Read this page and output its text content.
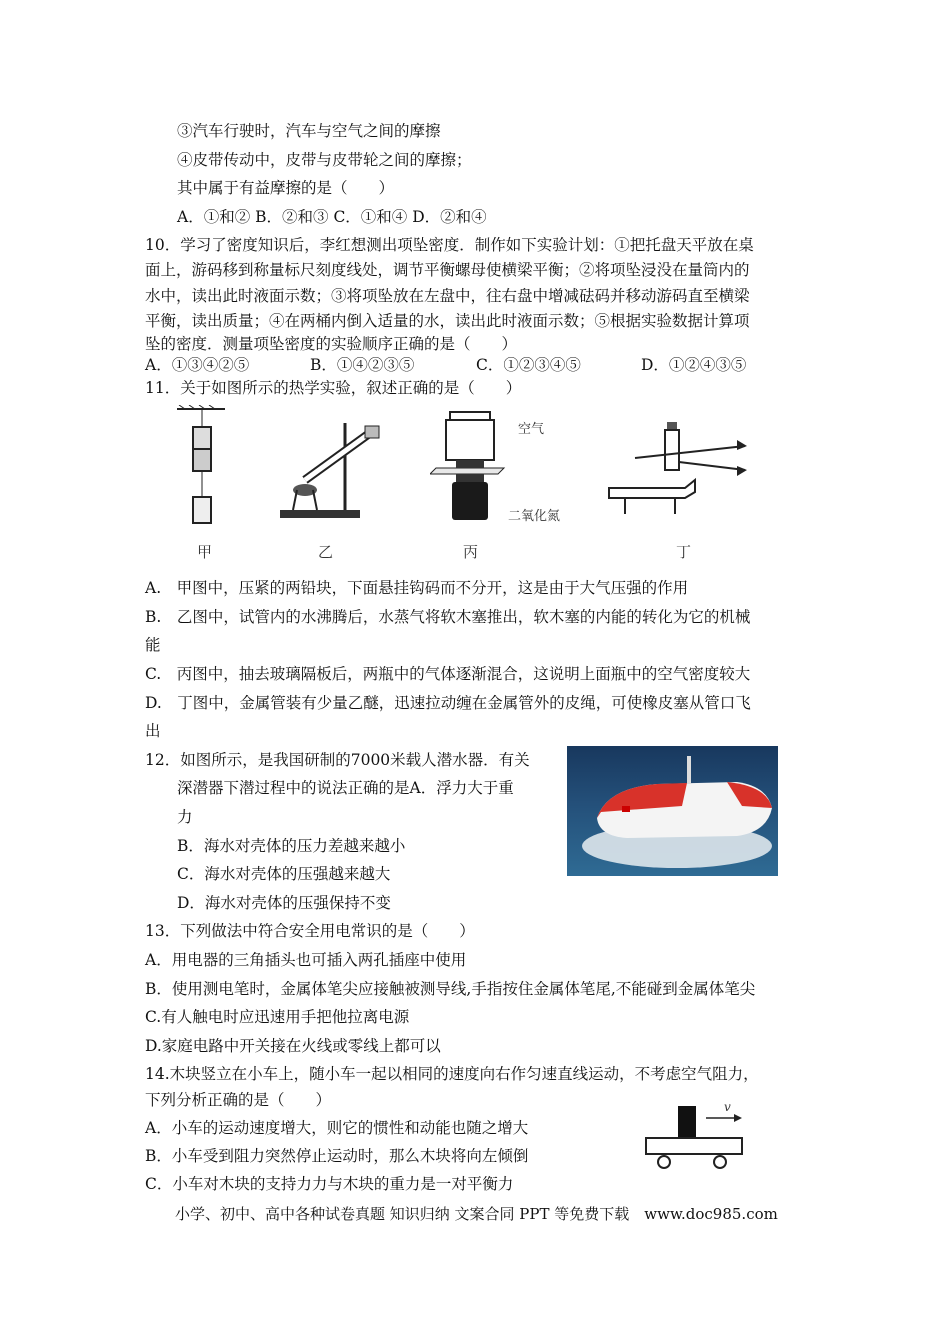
③汽车行驶时，汽车与空气之间的摩擦
④皮带传动中，皮带与皮带轮之间的摩擦；
其中属于有益摩擦的是（　　）
A．①和② B．②和③ C．①和④ D．②和④
10．学习了密度知识后，李红想测出项坠密度．制作如下实验计划：①把托盘天平放在桌
面上，游码移到称量标尺刻度线处，调节平衡螺母使横梁平衡；②将项坠浸没在量筒内的
水中，读出此时液面示数；③将项坠放在左盘中，往右盘中增减砝码并移动游码直至横梁
平衡，读出质量；④在两桶内倒入适量的水，读出此时液面示数；⑤根据实验数据计算项
坠的密度．测量项坠密度的实验顺序正确的是（　　）
A．①③④②⑤	B．①④②③⑤	C．①②③④⑤	D．①②④③⑤
11．关于如图所示的热学实验，叙述正确的是（　　）
甲	乙
空气
二氧化氮
丙	丁
A.　甲图中，压紧的两铅块，下面悬挂钩码而不分开，这是由于大气压强的作用
B.　乙图中，试管内的水沸腾后，水蒸气将软木塞推出，软木塞的内能的转化为它的机械
能
C.　丙图中，抽去玻璃隔板后，两瓶中的气体逐渐混合，这说明上面瓶中的空气密度较大
D.　丁图中，金属管装有少量乙醚，迅速拉动缠在金属管外的皮绳，可使橡皮塞从管口飞
出
12．如图所示，是我国研制的7000米载人潜水器．有关
深潜器下潜过程中的说法正确的是A．浮力大于重
力
B．海水对壳体的压力差越来越小
C．海水对壳体的压强越来越大
D．海水对壳体的压强保持不变
13．下列做法中符合安全用电常识的是（　　）
A．用电器的三角插头也可插入两孔插座中使用
B．使用测电笔时，金属体笔尖应接触被测导线,手指按住金属体笔尾,不能碰到金属体笔尖
C.有人触电时应迅速用手把他拉离电源
D.家庭电路中开关接在火线或零线上都可以
14.木块竖立在小车上，随小车一起以相同的速度向右作匀速直线运动，不考虑空气阻力，
下列分析正确的是（　　）
A．小车的运动速度增大，则它的惯性和动能也随之增大
B．小车受到阻力突然停止运动时，那么木块将向左倾倒
C．小车对木块的支持力力与木块的重力是一对平衡力
v
小学、初中、高中各种试卷真题 知识归纳 文案合同 PPT 等免费下载　www.doc985.com
